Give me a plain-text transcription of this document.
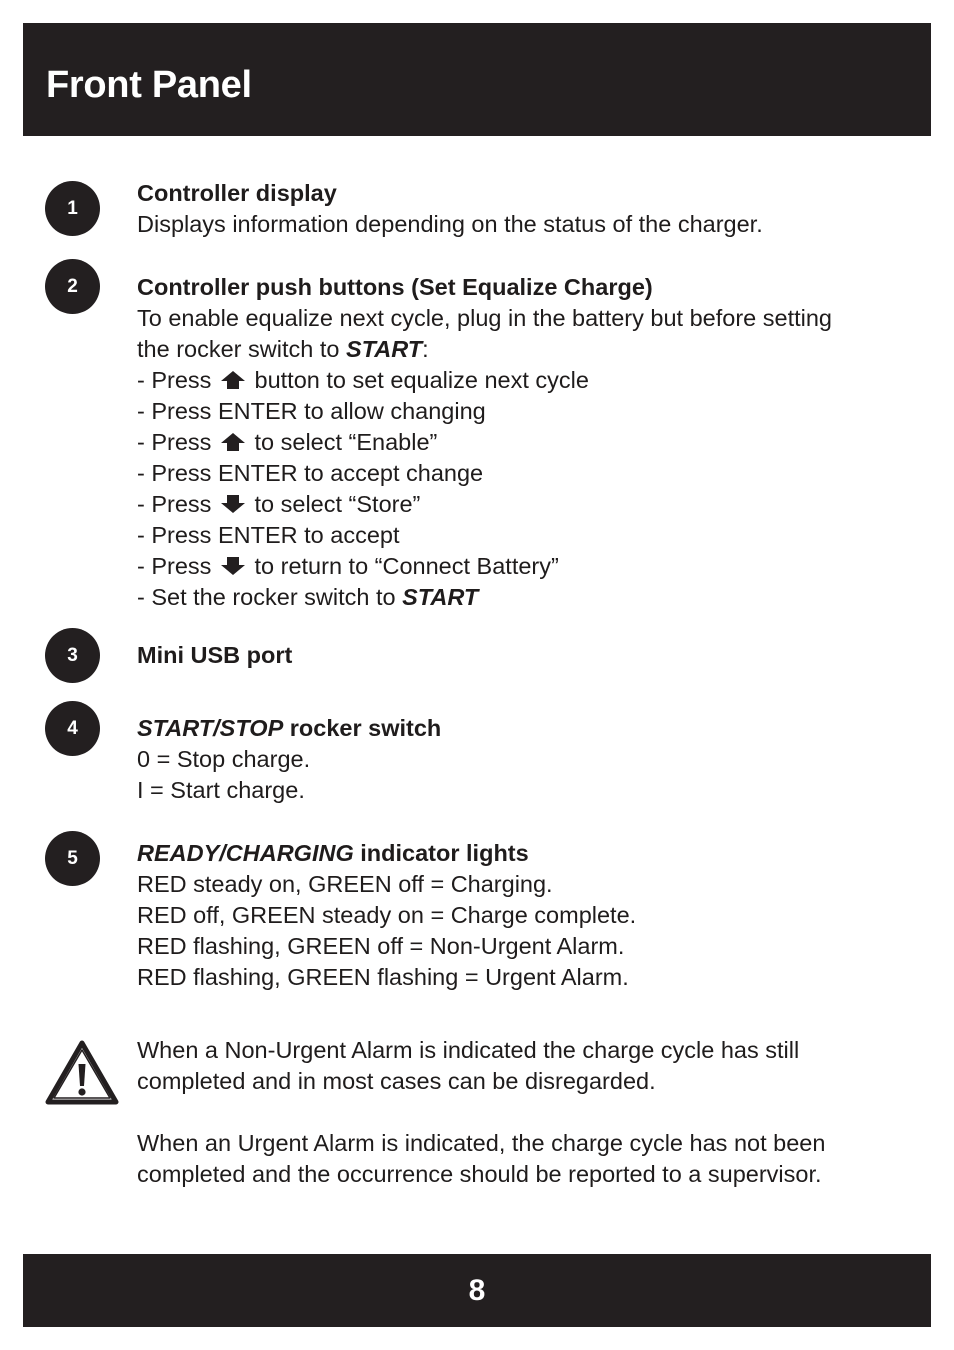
Front Panel
1
Controller display
Displays information depending on the status of the charger.
2	Controller push buttons (Set Equalize Charge)
To enable equalize next cycle, plug in the battery but before setting
the rocker switch to START:
- Press  button to set equalize next cycle
- Press ENTER to allow changing
- Press  to select “Enable”
- Press ENTER to accept change
- Press  to select “Store”
- Press ENTER to accept
- Press  to return to “Connect Battery”
- Set the rocker switch to START
3	Mini USB port
4	START/STOP rocker switch
0 = Stop charge.
I = Start charge.
5	READY/CHARGING indicator lights
RED steady on, GREEN off = Charging.
RED off, GREEN steady on = Charge complete.
RED flashing, GREEN off = Non-Urgent Alarm.
RED flashing, GREEN flashing = Urgent Alarm.
When a Non-Urgent Alarm is indicated the charge cycle has still
completed and in most cases can be disregarded.
When an Urgent Alarm is indicated, the charge cycle has not been
completed and the occurrence should be reported to a supervisor.
8
